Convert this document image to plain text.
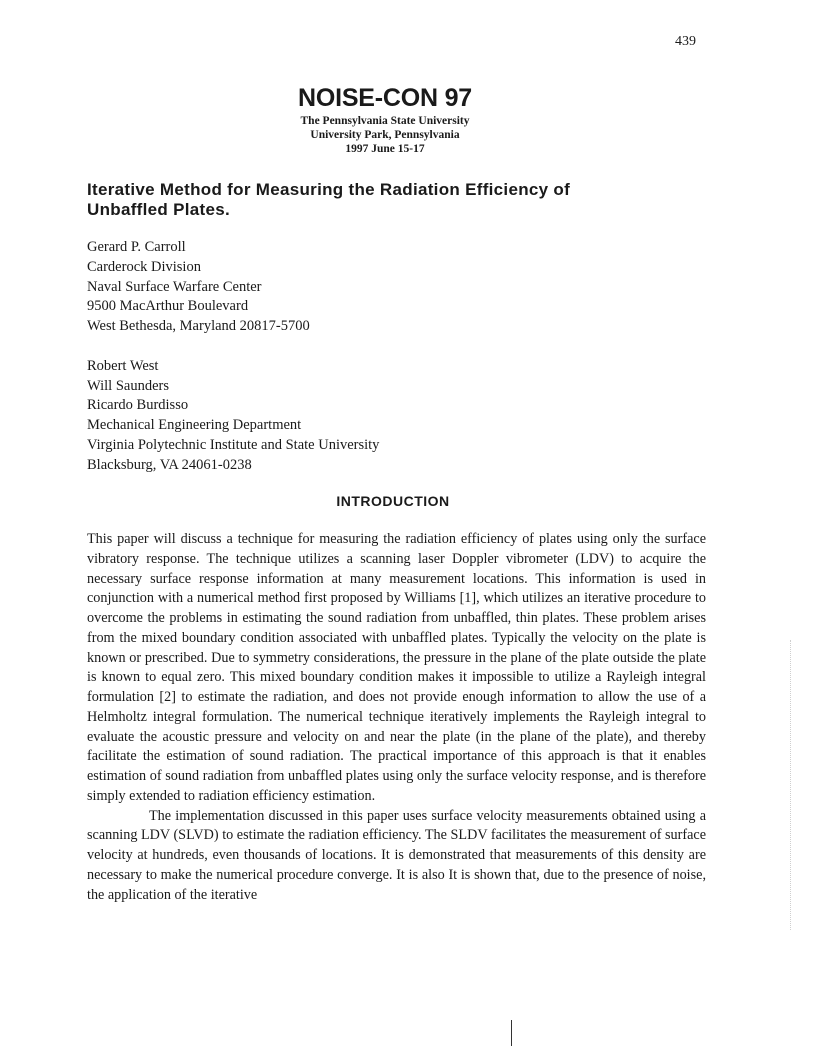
439
NOISE-CON 97
The Pennsylvania State University
University Park, Pennsylvania
1997 June 15-17
Iterative Method for Measuring the Radiation Efficiency of
Unbaffled Plates.
Gerard P. Carroll
Carderock Division
Naval Surface Warfare Center
9500 MacArthur Boulevard
West Bethesda, Maryland 20817-5700
Robert West
Will Saunders
Ricardo Burdisso
Mechanical Engineering Department
Virginia Polytechnic Institute and State University
Blacksburg, VA 24061-0238
INTRODUCTION

This paper will discuss a technique for measuring the radiation efficiency of plates using only the surface vibratory response. The technique utilizes a scanning laser Doppler vibrometer (LDV) to acquire the necessary surface response information at many measurement locations. This information is used in conjunction with a numerical method first proposed by Williams [1], which utilizes an iterative procedure to overcome the problems in estimating the sound radiation from unbaffled, thin plates. These problem arises from the mixed boundary condition associated with unbaffled plates. Typically the velocity on the plate is known or prescribed. Due to symmetry considerations, the pressure in the plane of the plate outside the plate is known to equal zero. This mixed boundary condition makes it impossible to utilize a Rayleigh integral formulation [2] to estimate the radiation, and does not provide enough information to allow the use of a Helmholtz integral formulation. The numerical technique iteratively implements the Rayleigh integral to evaluate the acoustic pressure and velocity on and near the plate (in the plane of the plate), and thereby facilitate the estimation of sound radiation. The practical importance of this approach is that it enables estimation of sound radiation from unbaffled plates using only the surface velocity response, and is therefore simply extended to radiation efficiency estimation.

The implementation discussed in this paper uses surface velocity measurements obtained using a scanning LDV (SLVD) to estimate the radiation efficiency. The SLDV facilitates the measurement of surface velocity at hundreds, even thousands of locations. It is demonstrated that measurements of this density are necessary to make the numerical procedure converge. It is also It is shown that, due to the presence of noise, the application of the iterative
